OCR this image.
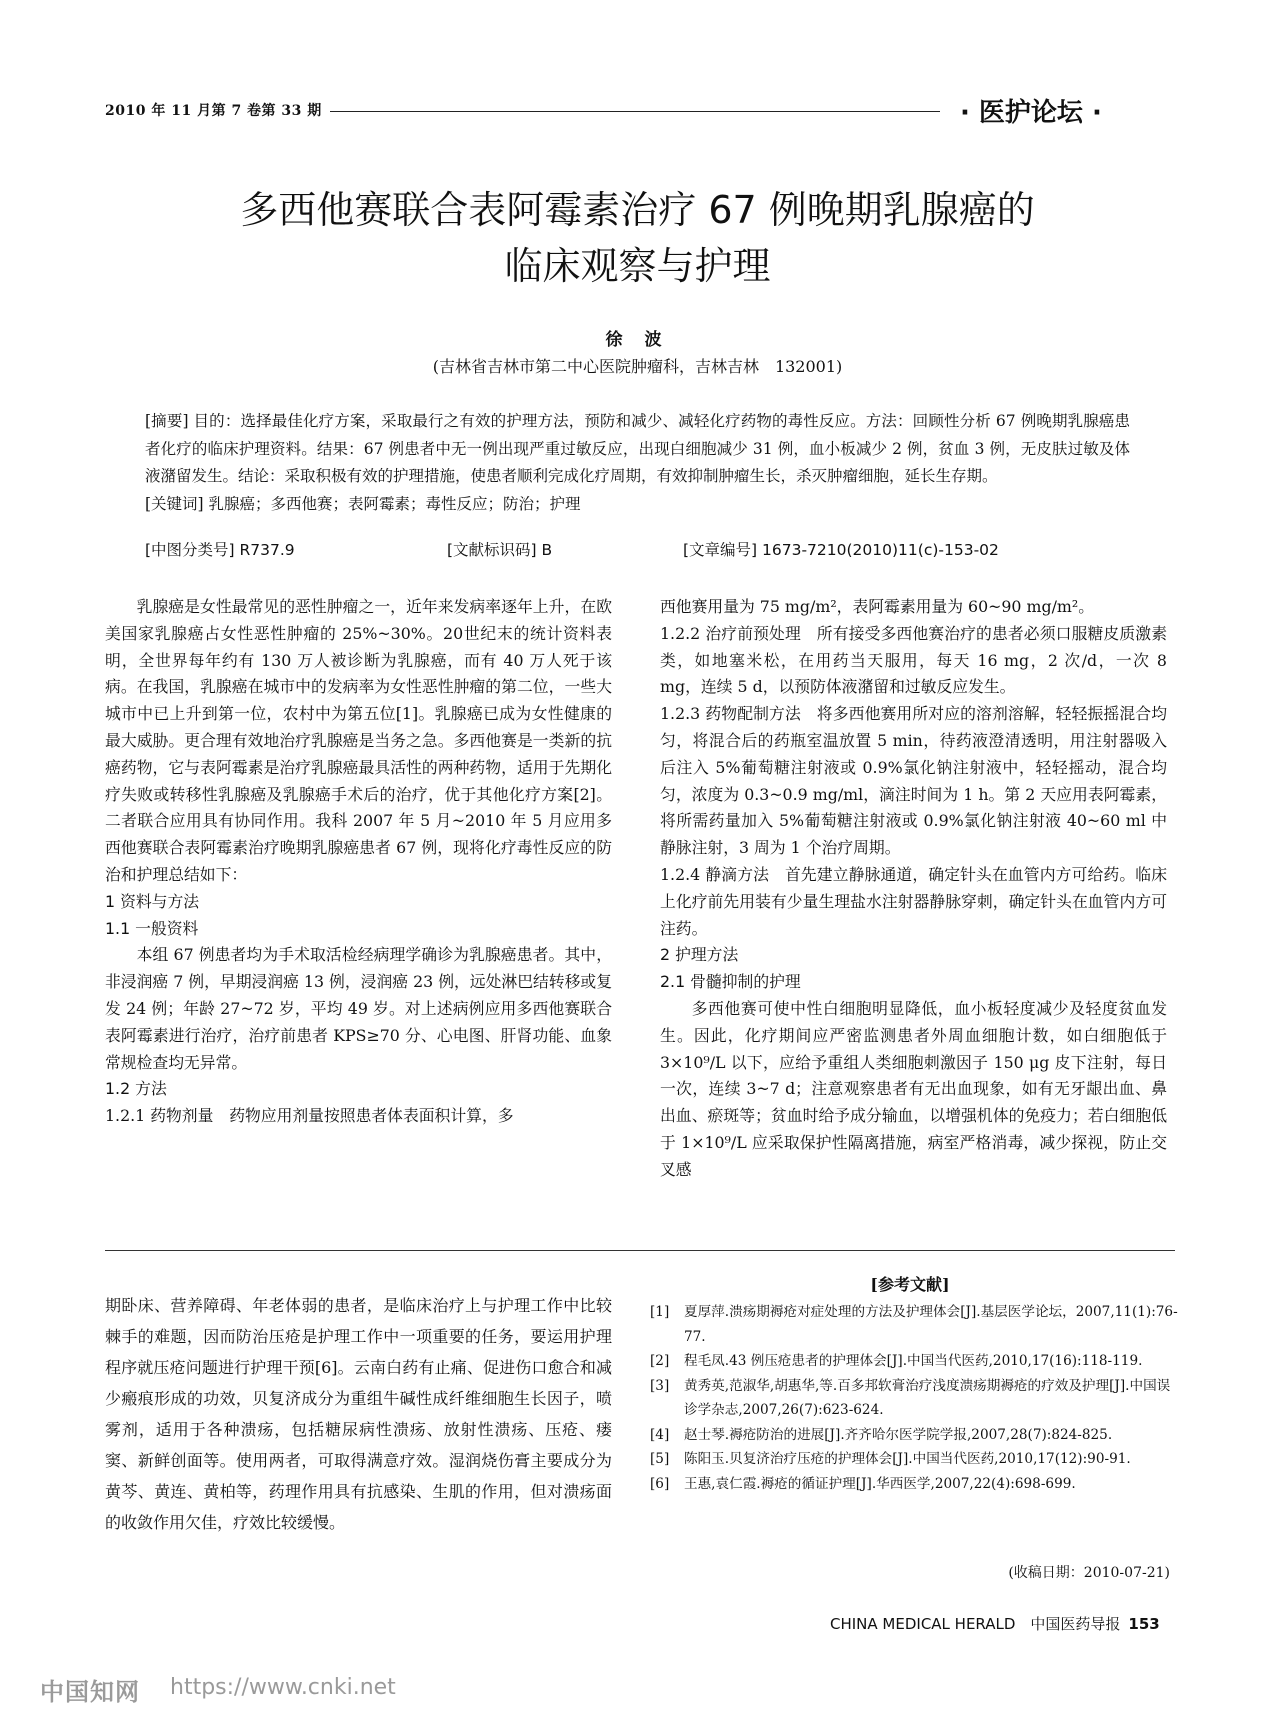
2010 年 11 月第 7 卷第 33 期	· 医护论坛 ·
多西他赛联合表阿霉素治疗 67 例晚期乳腺癌的
临床观察与护理
徐 波
(吉林省吉林市第二中心医院肿瘤科，吉林吉林　132001)
[摘要] 目的：选择最佳化疗方案，采取最行之有效的护理方法，预防和减少、减轻化疗药物的毒性反应。方法：回顾性分析 67 例晚期乳腺癌患者化疗的临床护理资料。结果：67 例患者中无一例出现严重过敏反应，出现白细胞减少 31 例，血小板减少 2 例，贫血 3 例，无皮肤过敏及体液潴留发生。结论：采取积极有效的护理措施，使患者顺利完成化疗周期，有效抑制肿瘤生长，杀灭肿瘤细胞，延长生存期。
[关键词] 乳腺癌；多西他赛；表阿霉素；毒性反应；防治；护理
[中图分类号] R737.9	[文献标识码] B	[文章编号] 1673-7210(2010)11(c)-153-02

乳腺癌是女性最常见的恶性肿瘤之一，近年来发病率逐年上升，在欧美国家乳腺癌占女性恶性肿瘤的 25%~30%。20世纪末的统计资料表明，全世界每年约有 130 万人被诊断为乳腺癌，而有 40 万人死于该病。在我国，乳腺癌在城市中的发病率为女性恶性肿瘤的第二位，一些大城市中已上升到第一位，农村中为第五位[1]。乳腺癌已成为女性健康的最大威胁。更合理有效地治疗乳腺癌是当务之急。多西他赛是一类新的抗癌药物，它与表阿霉素是治疗乳腺癌最具活性的两种药物，适用于先期化疗失败或转移性乳腺癌及乳腺癌手术后的治疗，优于其他化疗方案[2]。二者联合应用具有协同作用。我科 2007 年 5 月~2010 年 5 月应用多西他赛联合表阿霉素治疗晚期乳腺癌患者 67 例，现将化疗毒性反应的防治和护理总结如下：

1 资料与方法

1.1 一般资料

本组 67 例患者均为手术取活检经病理学确诊为乳腺癌患者。其中，非浸润癌 7 例，早期浸润癌 13 例，浸润癌 23 例，远处淋巴结转移或复发 24 例；年龄 27~72 岁，平均 49 岁。对上述病例应用多西他赛联合表阿霉素进行治疗，治疗前患者 KPS≥70 分、心电图、肝肾功能、血象常规检查均无异常。

1.2 方法

1.2.1 药物剂量　药物应用剂量按照患者体表面积计算，多

西他赛用量为 75 mg/m²，表阿霉素用量为 60~90 mg/m²。

1.2.2 治疗前预处理　所有接受多西他赛治疗的患者必须口服糖皮质激素类，如地塞米松，在用药当天服用，每天 16 mg，2 次/d，一次 8 mg，连续 5 d，以预防体液潴留和过敏反应发生。

1.2.3 药物配制方法　将多西他赛用所对应的溶剂溶解，轻轻振摇混合均匀，将混合后的药瓶室温放置 5 min，待药液澄清透明，用注射器吸入后注入 5%葡萄糖注射液或 0.9%氯化钠注射液中，轻轻摇动，混合均匀，浓度为 0.3~0.9 mg/ml，滴注时间为 1 h。第 2 天应用表阿霉素，将所需药量加入 5%葡萄糖注射液或 0.9%氯化钠注射液 40~60 ml 中静脉注射，3 周为 1 个治疗周期。

1.2.4 静滴方法　首先建立静脉通道，确定针头在血管内方可给药。临床上化疗前先用装有少量生理盐水注射器静脉穿刺，确定针头在血管内方可注药。

2 护理方法

2.1 骨髓抑制的护理

多西他赛可使中性白细胞明显降低，血小板轻度减少及轻度贫血发生。因此，化疗期间应严密监测患者外周血细胞计数，如白细胞低于 3×10⁹/L 以下，应给予重组人类细胞刺激因子 150 μg 皮下注射，每日一次，连续 3~7 d；注意观察患者有无出血现象，如有无牙龈出血、鼻出血、瘀斑等；贫血时给予成分输血，以增强机体的免疫力；若白细胞低于 1×10⁹/L 应采取保护性隔离措施，病室严格消毒，减少探视，防止交叉感

期卧床、营养障碍、年老体弱的患者，是临床治疗上与护理工作中比较棘手的难题，因而防治压疮是护理工作中一项重要的任务，要运用护理程序就压疮问题进行护理干预[6]。云南白药有止痛、促进伤口愈合和减少瘢痕形成的功效，贝复济成分为重组牛碱性成纤维细胞生长因子，喷雾剂，适用于各种溃疡，包括糖尿病性溃疡、放射性溃疡、压疮、瘘窦、新鲜创面等。使用两者，可取得满意疗效。湿润烧伤膏主要成分为黄芩、黄连、黄柏等，药理作用具有抗感染、生肌的作用，但对溃疡面的收敛作用欠佳，疗效比较缓慢。

[参考文献]

[1] 夏厚萍.溃疡期褥疮对症处理的方法及护理体会[J].基层医学论坛，2007,11(1):76-77.

[2] 程毛凤.43 例压疮患者的护理体会[J].中国当代医药,2010,17(16):118-119.

[3] 黄秀英,范淑华,胡惠华,等.百多邦软膏治疗浅度溃疡期褥疮的疗效及护理[J].中国误诊学杂志,2007,26(7):623-624.

[4] 赵士琴.褥疮防治的进展[J].齐齐哈尔医学院学报,2007,28(7):824-825.

[5] 陈阳玉.贝复济治疗压疮的护理体会[J].中国当代医药,2010,17(12):90-91.

[6] 王惠,袁仁霞.褥疮的循证护理[J].华西医学,2007,22(4):698-699.

(收稿日期：2010-07-21)
CHINA MEDICAL HERALD　中国医药导报 153
中国知网 https://www.cnki.net
